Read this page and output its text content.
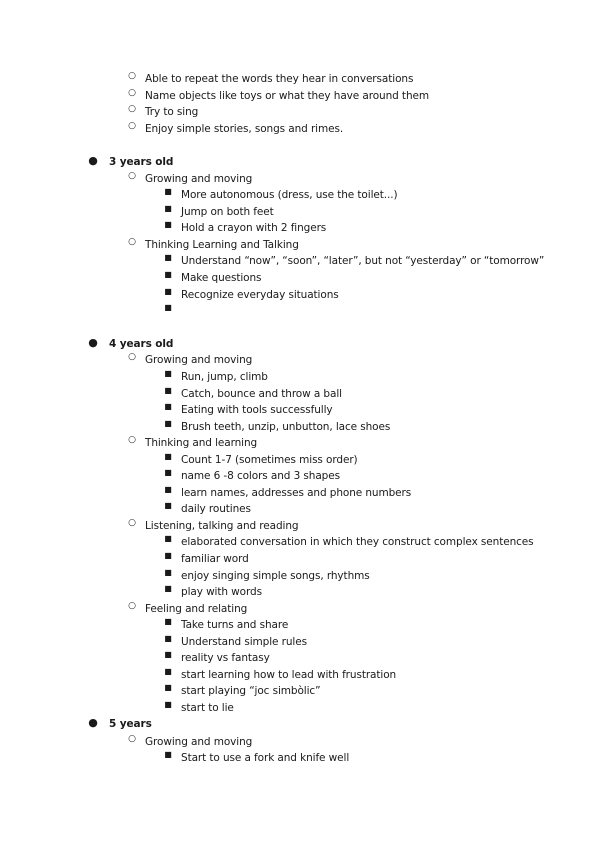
○ Able to repeat the words they hear in conversations
○ Name objects like toys or what they have around them
○ Try to sing
○ Enjoy simple stories, songs and rimes.
● 3 years old
○ Growing and moving
■ More autonomous (dress, use the toilet...)
■ Jump on both feet
■ Hold a crayon with 2 fingers
○ Thinking Learning and Talking
■ Understand “now”, “soon”, “later”, but not “yesterday” or “tomorrow”
■ Make questions
■ Recognize everyday situations
■
● 4 years old
○ Growing and moving
■ Run, jump, climb
■ Catch, bounce and throw a ball
■ Eating with tools successfully
■ Brush teeth, unzip, unbutton, lace shoes
○ Thinking and learning
■ Count 1-7 (sometimes miss order)
■ name 6 -8 colors and 3 shapes
■ learn names, addresses and phone numbers
■ daily routines
○ Listening, talking and reading
■ elaborated conversation in which they construct complex sentences
■ familiar word
■ enjoy singing simple songs, rhythms
■ play with words
○ Feeling and relating
■ Take turns and share
■ Understand simple rules
■ reality vs fantasy
■ start learning how to lead with frustration
■ start playing “joc simbòlic”
■ start to lie
● 5 years
○ Growing and moving
■ Start to use a fork and knife well
